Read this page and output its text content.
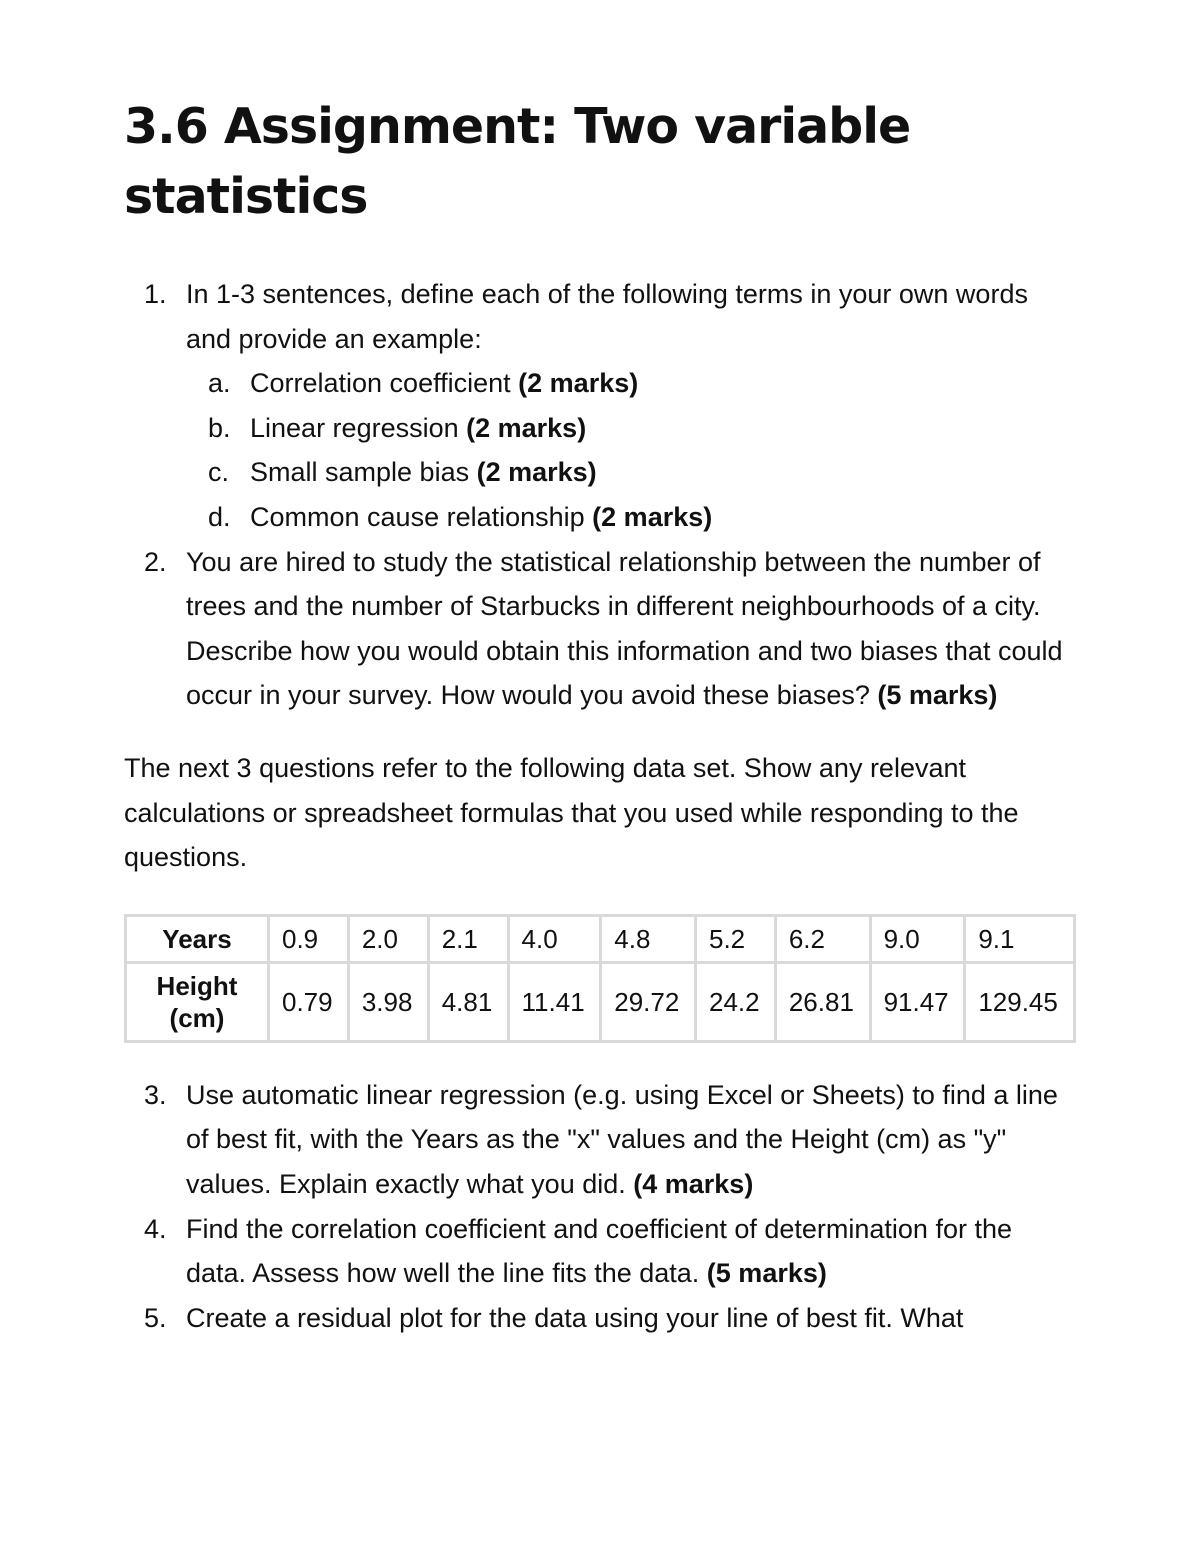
3.6 Assignment: Two variable statistics
1. In 1-3 sentences, define each of the following terms in your own words and provide an example:
a. Correlation coefficient (2 marks)
b. Linear regression (2 marks)
c. Small sample bias (2 marks)
d. Common cause relationship (2 marks)
2. You are hired to study the statistical relationship between the number of trees and the number of Starbucks in different neighbourhoods of a city. Describe how you would obtain this information and two biases that could occur in your survey. How would you avoid these biases? (5 marks)

The next 3 questions refer to the following data set. Show any relevant calculations or spreadsheet formulas that you used while responding to the questions.

Years	0.9	2.0	2.1	4.0	4.8	5.2	6.2	9.0	9.1
Height (cm)	0.79	3.98	4.81	11.41	29.72	24.2	26.81	91.47	129.45
3. Use automatic linear regression (e.g. using Excel or Sheets) to find a line of best fit, with the Years as the "x" values and the Height (cm) as "y" values. Explain exactly what you did. (4 marks)
4. Find the correlation coefficient and coefficient of determination for the data. Assess how well the line fits the data. (5 marks)
5. Create a residual plot for the data using your line of best fit. What
